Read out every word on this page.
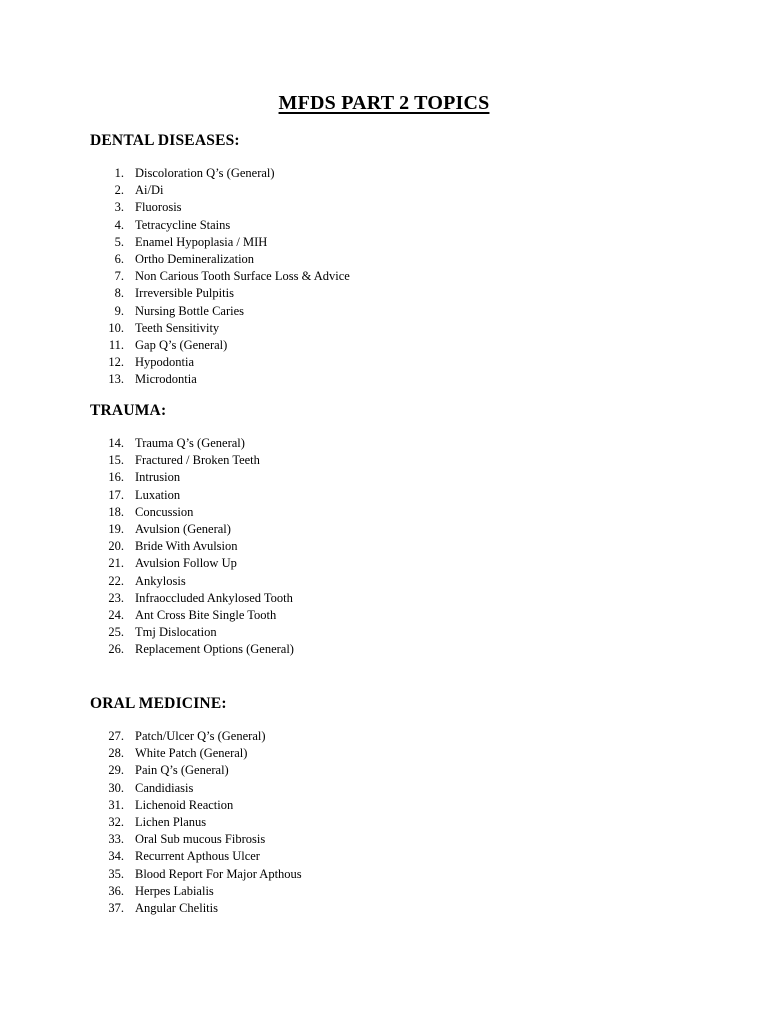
MFDS PART 2 TOPICS
DENTAL DISEASES:
1. Discoloration Q’s (General)
2. Ai/Di
3. Fluorosis
4. Tetracycline Stains
5. Enamel Hypoplasia / MIH
6. Ortho Demineralization
7. Non Carious Tooth Surface Loss & Advice
8. Irreversible Pulpitis
9. Nursing Bottle Caries
10. Teeth Sensitivity
11. Gap Q’s (General)
12. Hypodontia
13. Microdontia
TRAUMA:
14. Trauma Q’s (General)
15. Fractured / Broken Teeth
16. Intrusion
17. Luxation
18. Concussion
19. Avulsion (General)
20. Bride With Avulsion
21. Avulsion Follow Up
22. Ankylosis
23. Infraoccluded Ankylosed Tooth
24. Ant Cross Bite Single Tooth
25. Tmj Dislocation
26. Replacement Options (General)
ORAL MEDICINE:
27. Patch/Ulcer Q’s (General)
28. White Patch (General)
29. Pain Q’s (General)
30. Candidiasis
31. Lichenoid Reaction
32. Lichen Planus
33. Oral Sub mucous Fibrosis
34. Recurrent Apthous Ulcer
35. Blood Report For Major Apthous
36. Herpes Labialis
37. Angular Chelitis
